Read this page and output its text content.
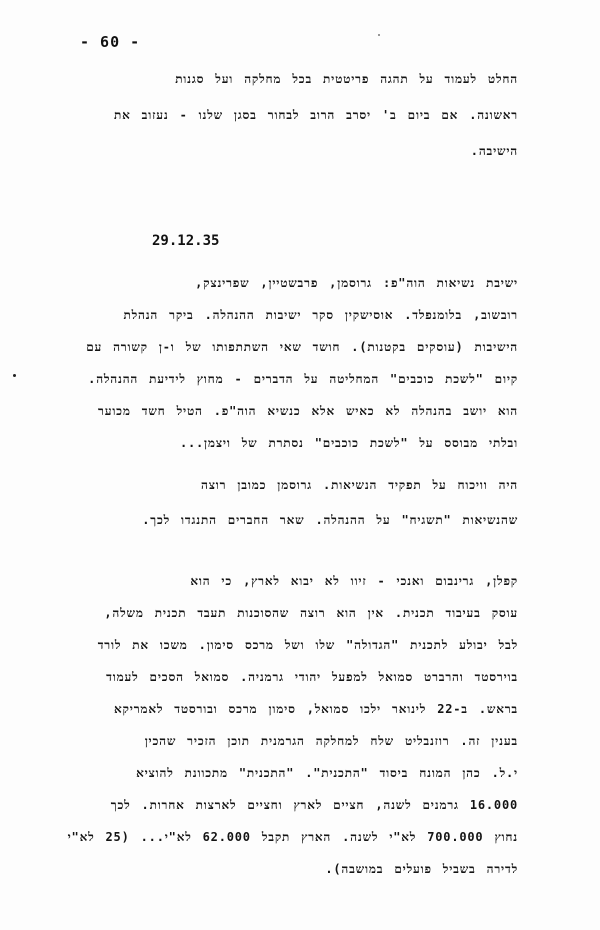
- 60 -
החלט לעמוד על תהגה פריטטית בכל מחלקה ועל סגנות
ראשונה. אם ביום ב' יסרב הרוב לבחור בסגן שלנו - נעזוב את
הישיבה.
29.12.35
ישיבת נשיאות הוה"פ: גרוסמן, פרבשטיין, שפרינצק,
רובשוב, בלומנפלד. אוסישקין סקר ישיבות ההנהלה. ביקר הנהלת
הישיבות (עוסקים בקטנות). חושד שאי השתתפותו של ו-ן קשורה עם
קיום "לשכת כוכבים" המחליטה על הדברים - מחוץ לידיעת ההנהלה.
הוא יושב בהנהלה לא כאיש אלא כנשיא הוה"פ. הטיל חשד מכוער
ובלתי מבוסס על "לשכת כוכבים" נסתרת של ויצמן...
היה וויכוח על תפקיד הנשיאות. גרוסמן כמובן רוצה
שהנשיאות "תשגיח" על ההנהלה. שאר החברים התנגדו לכך.
קפלן, גרינבום ואנכי - זיוו לא יבוא לארץ, כי הוא
עוסק בעיבוד תכנית. אין הוא רוצה שהסוכנות תעבד תכנית משלה,
לבל יבולע לתכנית "הגדולה" שלו ושל מרכס סימון. משכו את לורד
בוירסטד והרברט סמואל למפעל יהודי גרמניה. סמואל הסכים לעמוד
בראש. ב-22 לינואר ילכו סמואל, סימון מרכס ובורסטד לאמריקא
בענין זה. רוזנבליט שלח למחלקה הגרמנית תוכן הזכיר שהכין
י.ל. כהן המונח ביסוד "התכנית". "התכנית" מתכוונת להוציא
16.000 גרמנים לשנה, חציים לארץ וחציים לארצות אחרות. לכך
נחוץ 700.000 לא"י לשנה. הארץ תקבל 62.000 לא"י... (25 לא"י
לדירה בשביל פועלים במושבה).
